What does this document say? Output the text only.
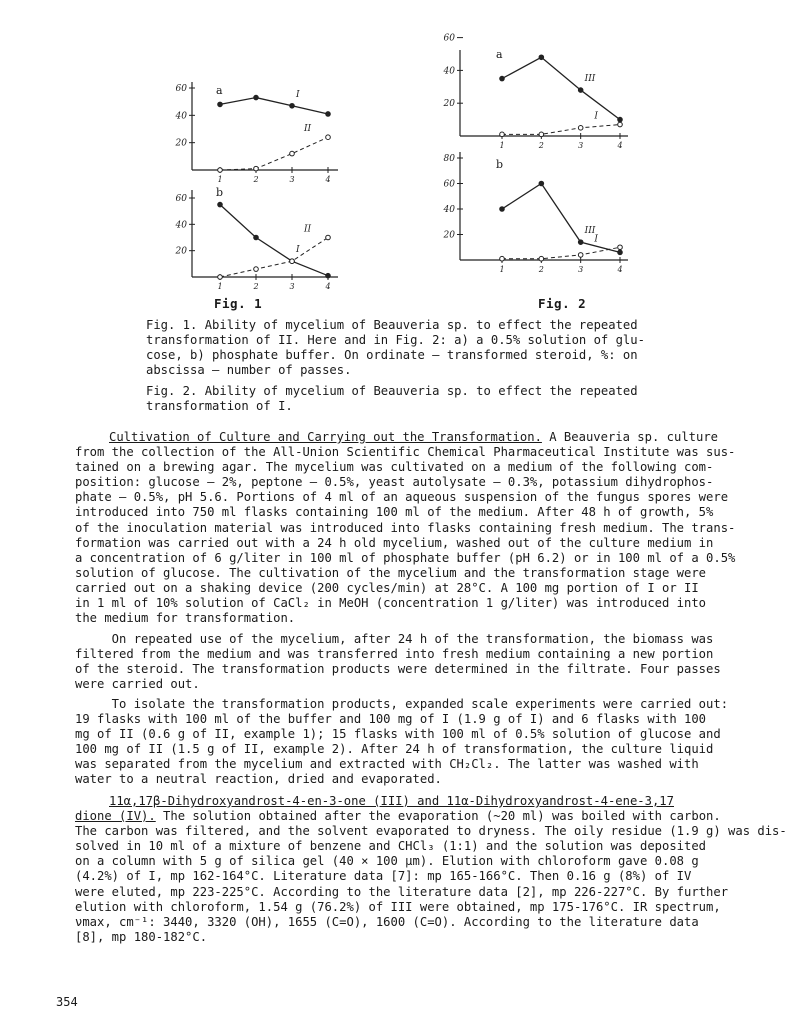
60
40
20
1	2	3	4
I
II
60
40
20
1	2	3	4
I
II
a
b
Fig. 1
60
40
20
1	2	3	4
III
I
80
60
40
20
1	2	3	4
III
I
a
b
Fig. 2
Fig. 1. Ability of mycelium of Beauveria sp. to effect the repeated
transformation of II. Here and in Fig. 2: a) a 0.5% solution of glu-
cose, b) phosphate buffer. On ordinate – transformed steroid, %: on
abscissa – number of passes.
Fig. 2. Ability of mycelium of Beauveria sp. to effect the repeated
transformation of I.
Cultivation of Culture and Carrying out the Transformation. A Beauveria sp. culture
from the collection of the All-Union Scientific Chemical Pharmaceutical Institute was sus-
tained on a brewing agar. The mycelium was cultivated on a medium of the following com-
position: glucose – 2%, peptone – 0.5%, yeast autolysate – 0.3%, potassium dihydrophos-
phate – 0.5%, pH 5.6. Portions of 4 ml of an aqueous suspension of the fungus spores were
introduced into 750 ml flasks containing 100 ml of the medium. After 48 h of growth, 5%
of the inoculation material was introduced into flasks containing fresh medium. The trans-
formation was carried out with a 24 h old mycelium, washed out of the culture medium in
a concentration of 6 g/liter in 100 ml of phosphate buffer (pH 6.2) or in 100 ml of a 0.5%
solution of glucose. The cultivation of the mycelium and the transformation stage were
carried out on a shaking device (200 cycles/min) at 28°C. A 100 mg portion of I or II
in 1 ml of 10% solution of CaCl₂ in MeOH (concentration 1 g/liter) was introduced into
the medium for transformation.
On repeated use of the mycelium, after 24 h of the transformation, the biomass was
filtered from the medium and was transferred into fresh medium containing a new portion
of the steroid. The transformation products were determined in the filtrate. Four passes
were carried out.
To isolate the transformation products, expanded scale experiments were carried out:
19 flasks with 100 ml of the buffer and 100 mg of I (1.9 g of I) and 6 flasks with 100
mg of II (0.6 g of II, example 1); 15 flasks with 100 ml of 0.5% solution of glucose and
100 mg of II (1.5 g of II, example 2). After 24 h of transformation, the culture liquid
was separated from the mycelium and extracted with CH₂Cl₂. The latter was washed with
water to a neutral reaction, dried and evaporated.
11α,17β-Dihydroxyandrost-4-en-3-one (III) and 11α-Dihydroxyandrost-4-ene-3,17
dione (IV). The solution obtained after the evaporation (~20 ml) was boiled with carbon.
The carbon was filtered, and the solvent evaporated to dryness. The oily residue (1.9 g) was dis-
solved in 10 ml of a mixture of benzene and CHCl₃ (1:1) and the solution was deposited
on a column with 5 g of silica gel (40 × 100 µm). Elution with chloroform gave 0.08 g
(4.2%) of I, mp 162-164°C. Literature data [7]: mp 165-166°C. Then 0.16 g (8%) of IV
were eluted, mp 223-225°C. According to the literature data [2], mp 226-227°C. By further
elution with chloroform, 1.54 g (76.2%) of III were obtained, mp 175-176°C. IR spectrum,
νmax, cm⁻¹: 3440, 3320 (OH), 1655 (C=O), 1600 (C=O). According to the literature data
[8], mp 180-182°C.
354
